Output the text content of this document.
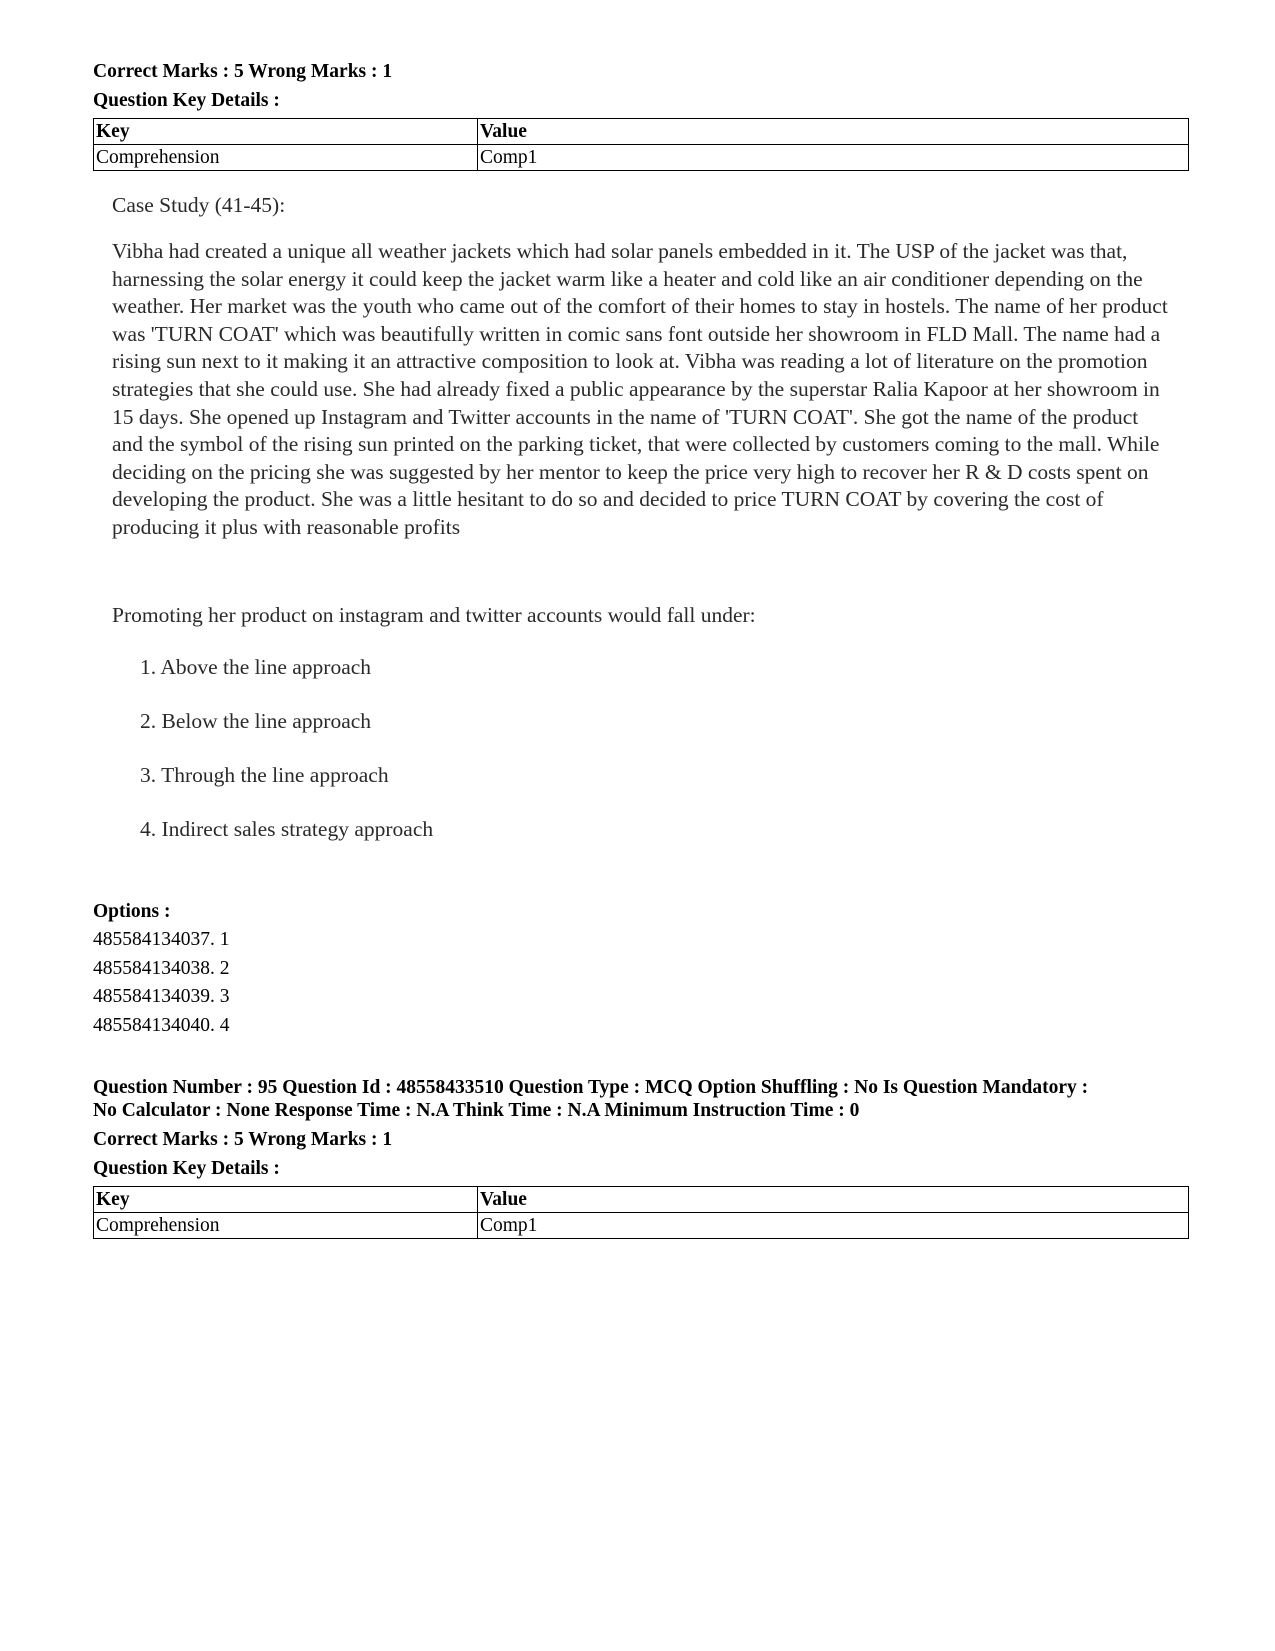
Correct Marks : 5 Wrong Marks : 1

Question Key Details :

Key	Value
Comprehension	Comp1

Case Study (41-45):

Vibha had created a unique all weather jackets which had solar panels embedded in it. The USP of the jacket was that, harnessing the solar energy it could keep the jacket warm like a heater and cold like an air conditioner depending on the weather. Her market was the youth who came out of the comfort of their homes to stay in hostels. The name of her product was 'TURN COAT' which was beautifully written in comic sans font outside her showroom in FLD Mall. The name had a rising sun next to it making it an attractive composition to look at. Vibha was reading a lot of literature on the promotion strategies that she could use. She had already fixed a public appearance by the superstar Ralia Kapoor at her showroom in 15 days. She opened up Instagram and Twitter accounts in the name of 'TURN COAT'. She got the name of the product and the symbol of the rising sun printed on the parking ticket, that were collected by customers coming to the mall. While deciding on the pricing she was suggested by her mentor to keep the price very high to recover her R & D costs spent on developing the product. She was a little hesitant to do so and decided to price TURN COAT by covering the cost of producing it plus with reasonable profits

Promoting her product on instagram and twitter accounts would fall under:

1. Above the line approach
2. Below the line approach
3. Through the line approach
4. Indirect sales strategy approach

Options :

485584134037. 1

485584134038. 2

485584134039. 3

485584134040. 4

Question Number : 95 Question Id : 48558433510 Question Type : MCQ Option Shuffling : No Is Question Mandatory :

No Calculator : None Response Time : N.A Think Time : N.A Minimum Instruction Time : 0

Correct Marks : 5 Wrong Marks : 1

Question Key Details :

Key	Value
Comprehension	Comp1
